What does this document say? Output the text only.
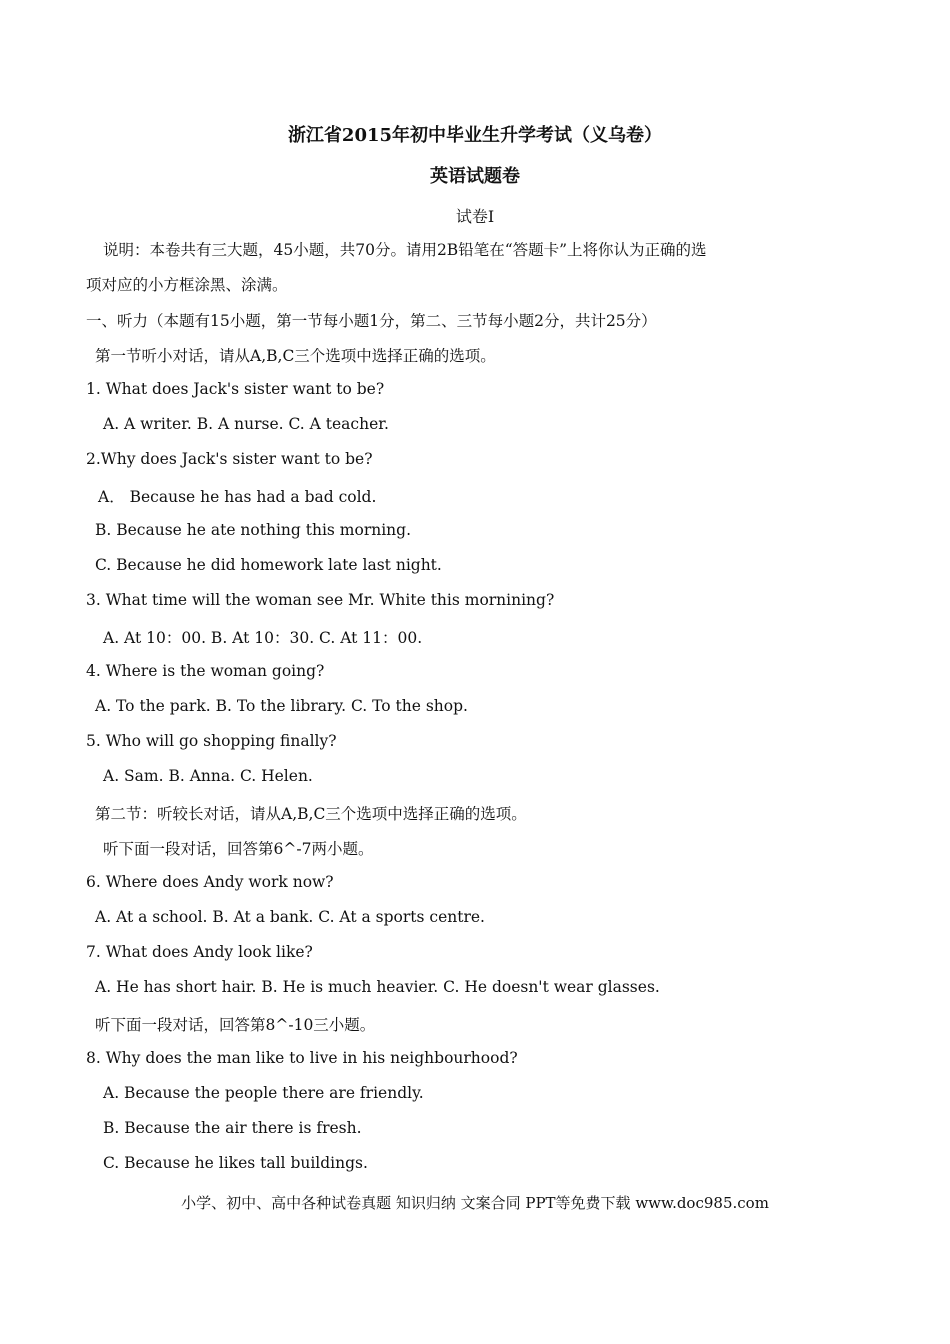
浙江省2015年初中毕业生升学考试（义乌卷）
英语试题卷
试卷Ⅰ
说明：本卷共有三大题，45小题，共70分。请用2B铅笔在“答题卡”上将你认为正确的选
项对应的小方框涂黑、涂满。
一、听力（本题有15小题，第一节每小题1分，第二、三节每小题2分，共计25分）
第一节听小对话，请从A,B,C三个选项中选择正确的选项。
1. What does Jack's sister want to be?
A. A writer. B. A nurse. C. A teacher.
2.Why does Jack's sister want to be?
A． Because he has had a bad cold.
B. Because he ate nothing this morning.
C. Because he did homework late last night.
3. What time will the woman see Mr. White this mornining?
A. At 10：00. B. At 10：30. C. At 11：00.
4. Where is the woman going?
A. To the park. B. To the library. C. To the shop.
5. Who will go shopping finally?
A. Sam. B. Anna. C. Helen.
第二节：听较长对话，请从A,B,C三个选项中选择正确的选项。
听下面一段对话，回答第6^-7两小题。
6. Where does Andy work now?
A. At a school. B. At a bank. C. At a sports centre.
7. What does Andy look like?
A. He has short hair. B. He is much heavier. C. He doesn't wear glasses.
听下面一段对话，回答第8^-10三小题。
8. Why does the man like to live in his neighbourhood?
A. Because the people there are friendly.
B. Because the air there is fresh.
C. Because he likes tall buildings.
小学、初中、高中各种试卷真题 知识归纳 文案合同 PPT等免费下载 www.doc985.com
